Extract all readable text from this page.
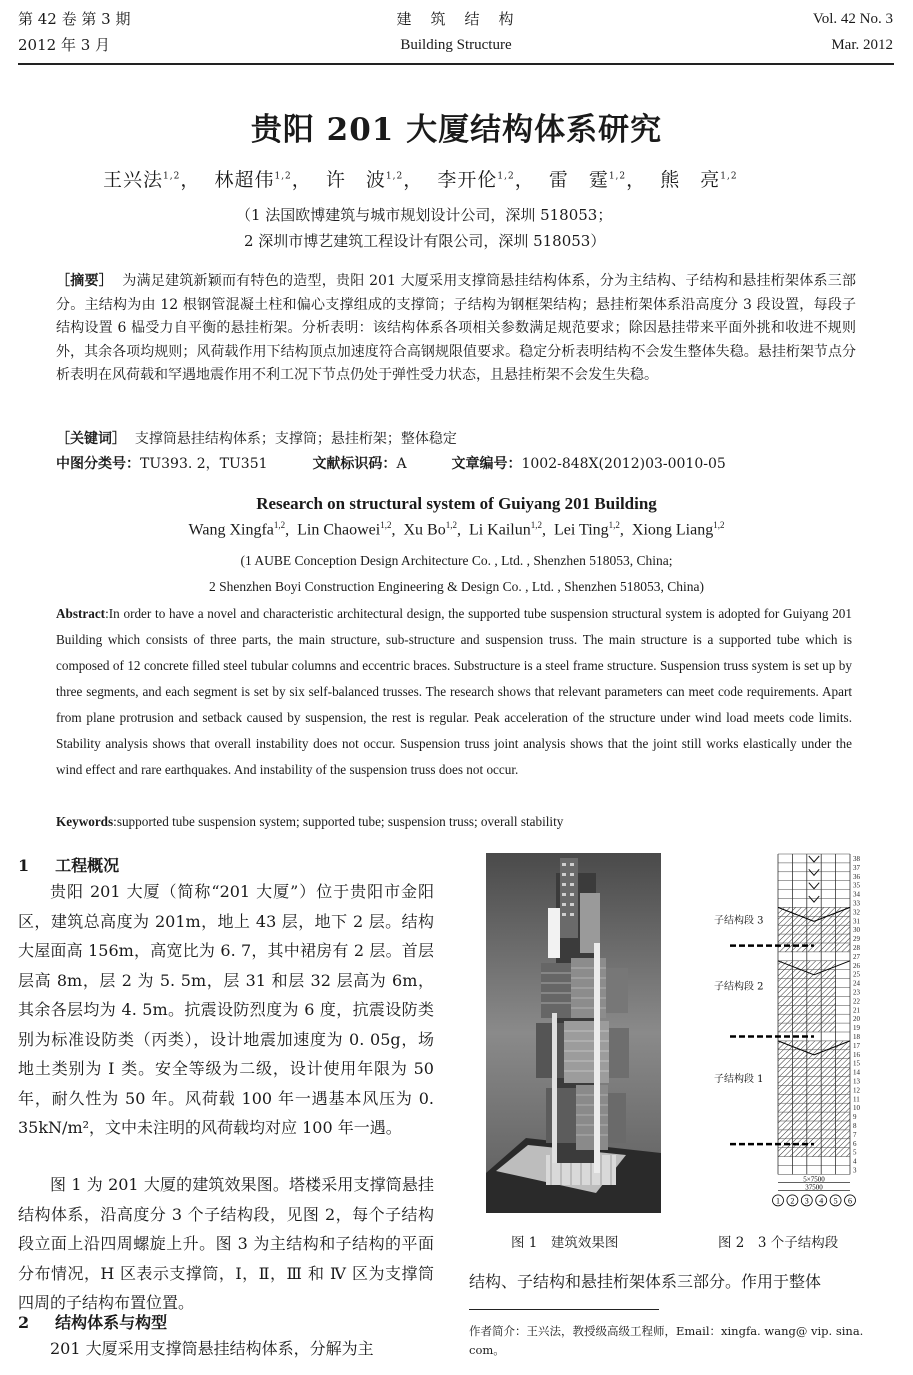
第 42 卷 第 3 期
2012 年 3 月
建　筑　结　构
Building Structure
Vol. 42 No. 3
Mar. 2012
贵阳 201 大厦结构体系研究
王兴法$^{1,2}$， 林超伟$^{1,2}$， 许　波$^{1,2}$， 李开伦$^{1,2}$， 雷　霆$^{1,2}$， 熊　亮$^{1,2}$
（1 法国欧博建筑与城市规划设计公司，深圳 518053；
2 深圳市博艺建筑工程设计有限公司，深圳 518053）
［摘要］ 为满足建筑新颖而有特色的造型，贵阳 201 大厦采用支撑筒悬挂结构体系，分为主结构、子结构和悬挂桁架体系三部分。主结构为由 12 根钢管混凝土柱和偏心支撑组成的支撑筒；子结构为钢框架结构；悬挂桁架体系沿高度分 3 段设置，每段子结构设置 6 榀受力自平衡的悬挂桁架。分析表明：该结构体系各项相关参数满足规范要求；除因悬挂带来平面外挑和收进不规则外，其余各项均规则；风荷载作用下结构顶点加速度符合高钢规限值要求。稳定分析表明结构不会发生整体失稳。悬挂桁架节点分析表明在风荷载和罕遇地震作用不利工况下节点仍处于弹性受力状态，且悬挂桁架不会发生失稳。
［关键词］ 支撑筒悬挂结构体系；支撑筒；悬挂桁架；整体稳定
中图分类号：TU393. 2，TU351	文献标识码：A	文章编号：1002-848X(2012)03-0010-05
Research on structural system of Guiyang 201 Building
Wang Xingfa$^{1,2}$,  Lin Chaowei$^{1,2}$,  Xu Bo$^{1,2}$,  Li Kailun$^{1,2}$,  Lei Ting$^{1,2}$,  Xiong Liang$^{1,2}$
(1 AUBE Conception Design Architecture Co. , Ltd. , Shenzhen 518053, China;
2 Shenzhen Boyi Construction Engineering & Design Co. , Ltd. , Shenzhen 518053, China)
Abstract:In order to have a novel and characteristic architectural design, the supported tube suspension structural system is adopted for Guiyang 201 Building which consists of three parts, the main structure, sub-structure and suspension truss. The main structure is a supported tube which is composed of 12 concrete filled steel tubular columns and eccentric braces. Substructure is a steel frame structure. Suspension truss system is set up by three segments, and each segment is set by six self-balanced trusses. The research shows that relevant parameters can meet code requirements. Apart from plane protrusion and setback caused by suspension, the rest is regular. Peak acceleration of the structure under wind load meets code limits. Stability analysis shows that overall instability does not occur. Suspension truss joint analysis shows that the joint still works elastically under the wind effect and rare earthquakes. And instability of the suspension truss does not occur.
Keywords:supported tube suspension system; supported tube; suspension truss; overall stability
1 工程概况
贵阳 201 大厦（简称“201 大厦”）位于贵阳市金阳区，建筑总高度为 201m，地上 43 层，地下 2 层。结构大屋面高 156m，高宽比为 6. 7，其中裙房有 2 层。首层层高 8m，层 2 为 5. 5m，层 31 和层 32 层高为 6m，其余各层均为 4. 5m。抗震设防烈度为 6 度，抗震设防类别为标准设防类（丙类），设计地震加速度为 0. 05g，场地土类别为 Ⅰ 类。安全等级为二级，设计使用年限为 50 年，耐久性为 50 年。风荷载 100 年一遇基本风压为 0. 35kN/m²，文中未注明的风荷载均对应 100 年一遇。
图 1 为 201 大厦的建筑效果图。塔楼采用支撑筒悬挂结构体系，沿高度分 3 个子结构段，见图 2，每个子结构段立面上沿四周螺旋上升。图 3 为主结构和子结构的平面分布情况，H 区表示支撑筒，Ⅰ，Ⅱ，Ⅲ 和 Ⅳ 区为支撑筒四周的子结构布置位置。
2 结构体系与构型
201 大厦采用支撑筒悬挂结构体系，分解为主
图 1　建筑效果图
38
37
36
35
34
33
32
31
30
29
28
27
26
25
24
23
22
21
20
19
18
17
16
15
14
13
12
11
10
9
8
7
6
5
4
3
子结构段 3
子结构段 2
子结构段 1
5×7500
37500
1 2 3 4 5 6
图 2　3 个子结构段
结构、子结构和悬挂桁架体系三部分。作用于整体
作者简介：王兴法，教授级高级工程师，Email：xingfa. wang@ vip. sina. com。
